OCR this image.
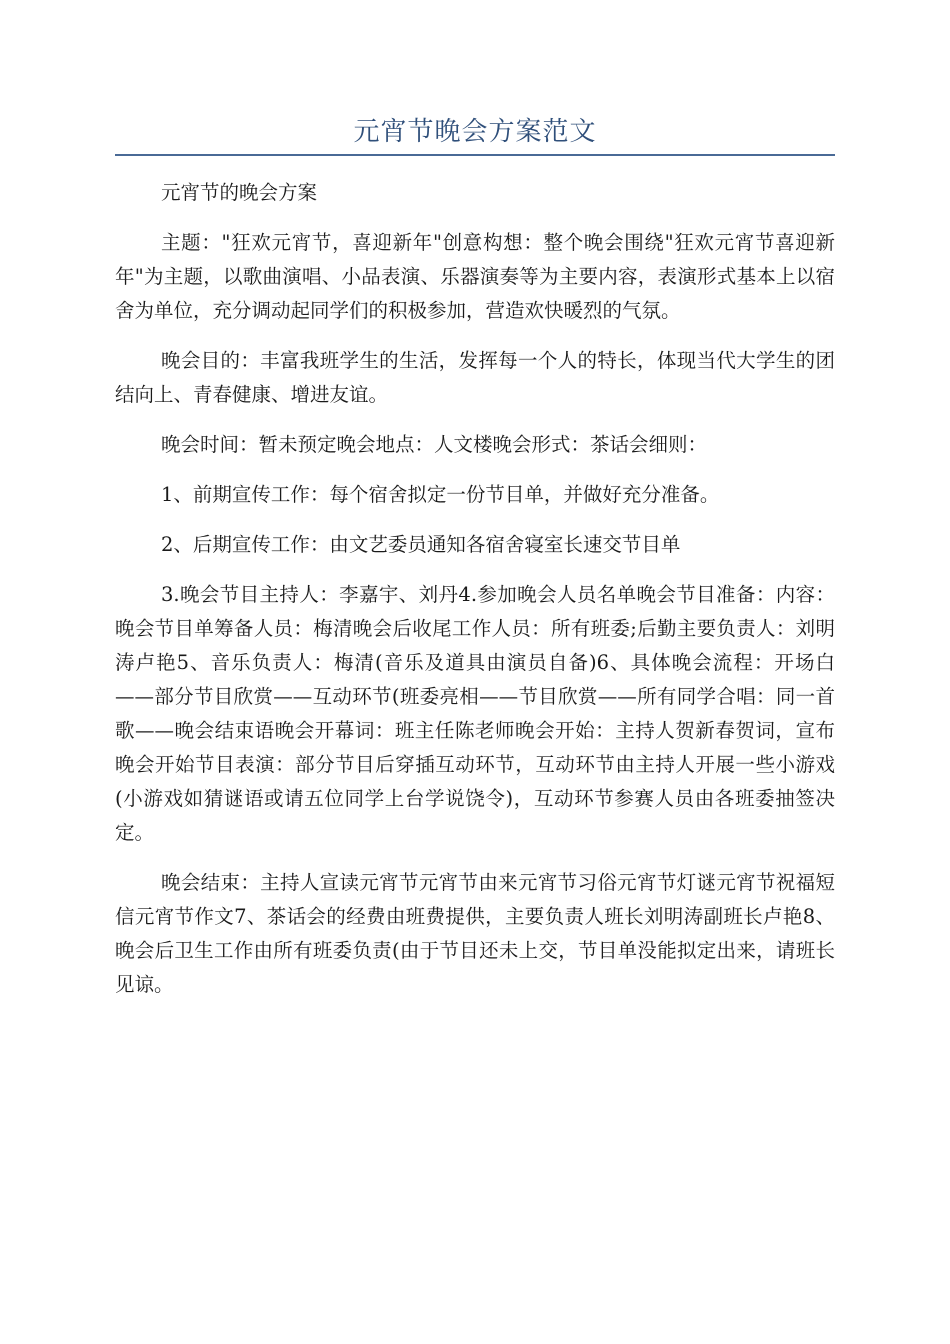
元宵节晚会方案范文

元宵节的晚会方案

主题："狂欢元宵节，喜迎新年"创意构想：整个晚会围绕"狂欢元宵节喜迎新年"为主题，以歌曲演唱、小品表演、乐器演奏等为主要内容，表演形式基本上以宿舍为单位，充分调动起同学们的积极参加，营造欢快暖烈的气氛。

晚会目的：丰富我班学生的生活，发挥每一个人的特长，体现当代大学生的团结向上、青春健康、增进友谊。

晚会时间：暂未预定晚会地点：人文楼晚会形式：茶话会细则：

1、前期宣传工作：每个宿舍拟定一份节目单，并做好充分准备。

2、后期宣传工作：由文艺委员通知各宿舍寝室长速交节目单

3.晚会节目主持人：李嘉宇、刘丹4.参加晚会人员名单晚会节目准备：内容：晚会节目单筹备人员：梅清晚会后收尾工作人员：所有班委;后勤主要负责人：刘明涛卢艳5、音乐负责人：梅清(音乐及道具由演员自备)6、具体晚会流程：开场白——部分节目欣赏——互动环节(班委亮相——节目欣赏——所有同学合唱：同一首歌——晚会结束语晚会开幕词：班主任陈老师晚会开始：主持人贺新春贺词，宣布晚会开始节目表演：部分节目后穿插互动环节，互动环节由主持人开展一些小游戏(小游戏如猜谜语或请五位同学上台学说饶令)，互动环节参赛人员由各班委抽签决定。

晚会结束：主持人宣读元宵节元宵节由来元宵节习俗元宵节灯谜元宵节祝福短信元宵节作文7、茶话会的经费由班费提供，主要负责人班长刘明涛副班长卢艳8、晚会后卫生工作由所有班委负责(由于节目还未上交，节目单没能拟定出来，请班长见谅。
